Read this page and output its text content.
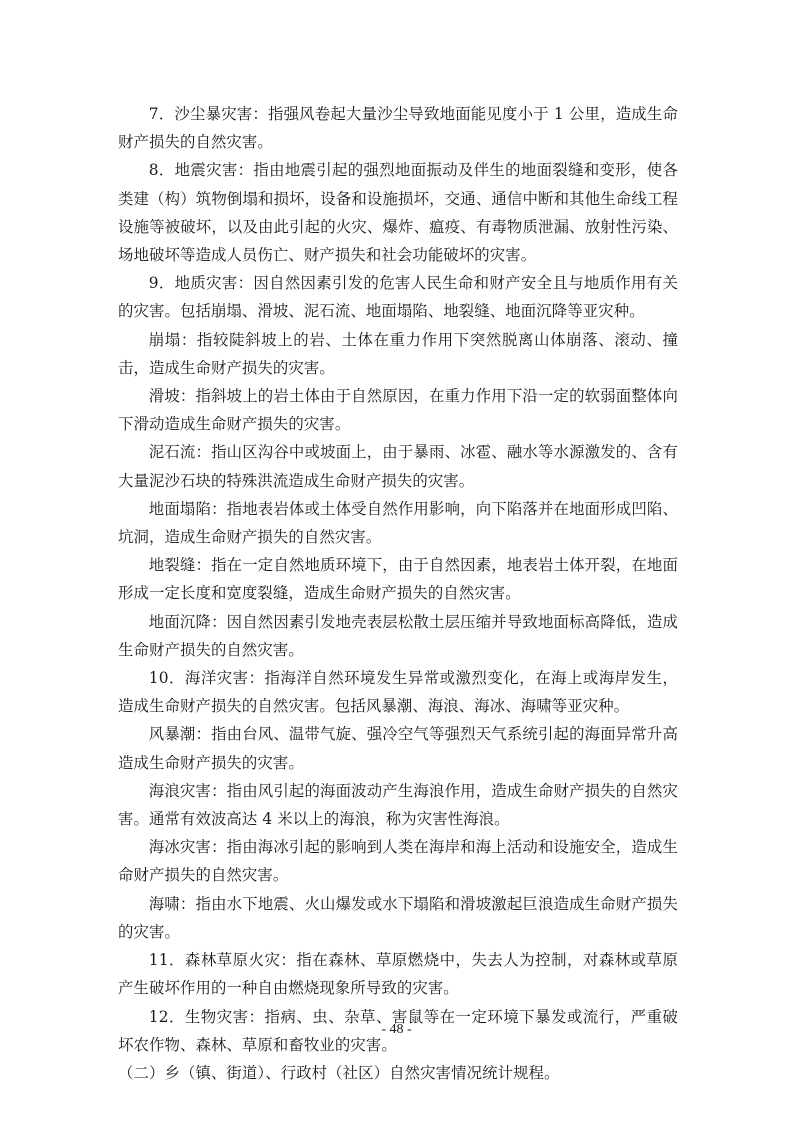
7．沙尘暴灾害：指强风卷起大量沙尘导致地面能见度小于 1 公里，造成生命财产损失的自然灾害。

8．地震灾害：指由地震引起的强烈地面振动及伴生的地面裂缝和变形，使各类建（构）筑物倒塌和损坏，设备和设施损坏，交通、通信中断和其他生命线工程设施等被破坏，以及由此引起的火灾、爆炸、瘟疫、有毒物质泄漏、放射性污染、场地破坏等造成人员伤亡、财产损失和社会功能破坏的灾害。

9．地质灾害：因自然因素引发的危害人民生命和财产安全且与地质作用有关的灾害。包括崩塌、滑坡、泥石流、地面塌陷、地裂缝、地面沉降等亚灾种。

崩塌：指较陡斜坡上的岩、土体在重力作用下突然脱离山体崩落、滚动、撞击，造成生命财产损失的灾害。

滑坡：指斜坡上的岩土体由于自然原因，在重力作用下沿一定的软弱面整体向下滑动造成生命财产损失的灾害。

泥石流：指山区沟谷中或坡面上，由于暴雨、冰雹、融水等水源激发的、含有大量泥沙石块的特殊洪流造成生命财产损失的灾害。

地面塌陷：指地表岩体或土体受自然作用影响，向下陷落并在地面形成凹陷、坑洞，造成生命财产损失的自然灾害。

地裂缝：指在一定自然地质环境下，由于自然因素，地表岩土体开裂，在地面形成一定长度和宽度裂缝，造成生命财产损失的自然灾害。

地面沉降：因自然因素引发地壳表层松散土层压缩并导致地面标高降低，造成生命财产损失的自然灾害。

10．海洋灾害：指海洋自然环境发生异常或激烈变化，在海上或海岸发生，造成生命财产损失的自然灾害。包括风暴潮、海浪、海冰、海啸等亚灾种。

风暴潮：指由台风、温带气旋、强冷空气等强烈天气系统引起的海面异常升高造成生命财产损失的灾害。

海浪灾害：指由风引起的海面波动产生海浪作用，造成生命财产损失的自然灾害。通常有效波高达 4 米以上的海浪，称为灾害性海浪。

海冰灾害：指由海冰引起的影响到人类在海岸和海上活动和设施安全，造成生命财产损失的自然灾害。

海啸：指由水下地震、火山爆发或水下塌陷和滑坡激起巨浪造成生命财产损失的灾害。

11．森林草原火灾：指在森林、草原燃烧中，失去人为控制，对森林或草原产生破坏作用的一种自由燃烧现象所导致的灾害。

12．生物灾害：指病、虫、杂草、害鼠等在一定环境下暴发或流行，严重破坏农作物、森林、草原和畜牧业的灾害。

（二）乡（镇、街道）、行政村（社区）自然灾害情况统计规程。

- 48 -
